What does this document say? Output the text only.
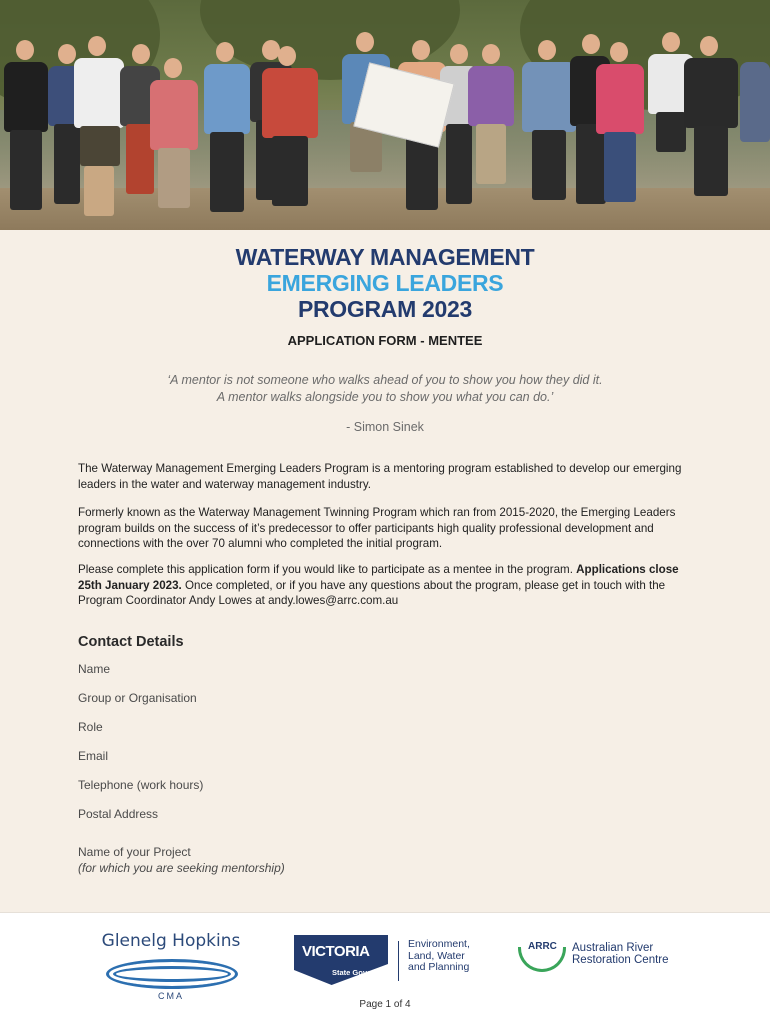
WATERWAY MANAGEMENT
EMERGING LEADERS
PROGRAM 2023
APPLICATION FORM - MENTEE
‘A mentor is not someone who walks ahead of you to show you how they did it.
A mentor walks alongside you to show you what you can do.’
- Simon Sinek
The Waterway Management Emerging Leaders Program is a mentoring program established to develop our emerging leaders in the water and waterway management industry.
Formerly known as the Waterway Management Twinning Program which ran from 2015-2020, the Emerging Leaders program builds on the success of it’s predecessor to offer participants high quality professional development and connections with the over 70 alumni who completed the initial program.
Please complete this application form if you would like to participate as a mentee in the program. Applications close 25th January 2023. Once completed, or if you have any questions about the program, please get in touch with the Program Coordinator Andy Lowes at andy.lowes@arrc.com.au
Contact Details
Name
Group or Organisation
Role
Email
Telephone (work hours)
Postal Address
Name of your Project
(for which you are seeking mentorship)
Glenelg Hopkins
CMA
VICTORIA
State Government
Environment,
Land, Water
and Planning
ARRC Australian River
Restoration Centre
Page 1 of 4
